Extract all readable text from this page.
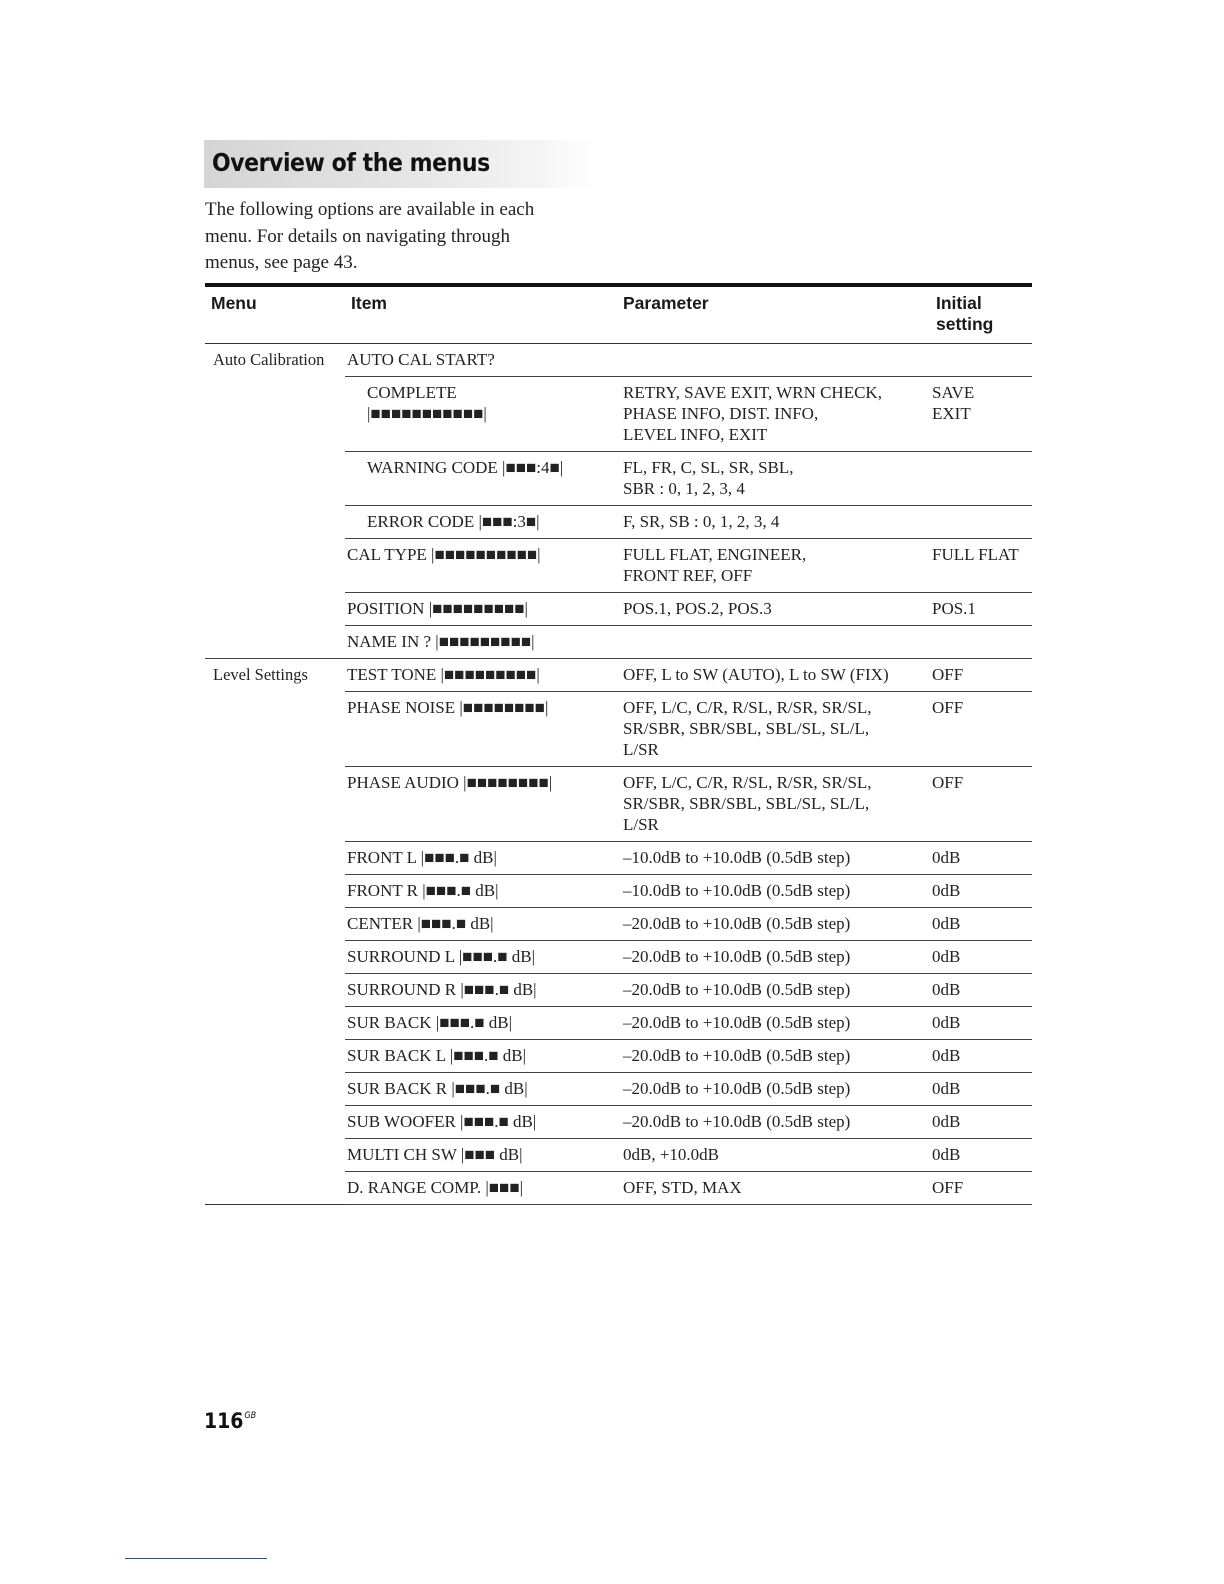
Overview of the menus

The following options are available in each
menu. For details on navigating through
menus, see page 43.

Menu	Item	Parameter	Initial
setting
Auto Calibration	AUTO CAL START?		
	COMPLETE
|■■■■■■■■■■■|	RETRY, SAVE EXIT, WRN CHECK,
PHASE INFO, DIST. INFO,
LEVEL INFO, EXIT	SAVE
EXIT
	WARNING CODE |■■■:4■|	FL, FR, C, SL, SR, SBL,
SBR : 0, 1, 2, 3, 4	
	ERROR CODE |■■■:3■|	F, SR, SB : 0, 1, 2, 3, 4	
	CAL TYPE |■■■■■■■■■■|	FULL FLAT, ENGINEER,
FRONT REF, OFF	FULL FLAT
	POSITION |■■■■■■■■■|	POS.1, POS.2, POS.3	POS.1
	NAME IN ? |■■■■■■■■■|		
Level Settings	TEST TONE |■■■■■■■■■|	OFF, L to SW (AUTO), L to SW (FIX)	OFF
	PHASE NOISE |■■■■■■■■|	OFF, L/C, C/R, R/SL, R/SR, SR/SL,
SR/SBR, SBR/SBL, SBL/SL, SL/L,
L/SR	OFF
	PHASE AUDIO |■■■■■■■■|	OFF, L/C, C/R, R/SL, R/SR, SR/SL,
SR/SBR, SBR/SBL, SBL/SL, SL/L,
L/SR	OFF
	FRONT L |■■■.■ dB|	–10.0dB to +10.0dB (0.5dB step)	0dB
	FRONT R |■■■.■ dB|	–10.0dB to +10.0dB (0.5dB step)	0dB
	CENTER |■■■.■ dB|	–20.0dB to +10.0dB (0.5dB step)	0dB
	SURROUND L |■■■.■ dB|	–20.0dB to +10.0dB (0.5dB step)	0dB
	SURROUND R |■■■.■ dB|	–20.0dB to +10.0dB (0.5dB step)	0dB
	SUR BACK |■■■.■ dB|	–20.0dB to +10.0dB (0.5dB step)	0dB
	SUR BACK L |■■■.■ dB|	–20.0dB to +10.0dB (0.5dB step)	0dB
	SUR BACK R |■■■.■ dB|	–20.0dB to +10.0dB (0.5dB step)	0dB
	SUB WOOFER |■■■.■ dB|	–20.0dB to +10.0dB (0.5dB step)	0dB
	MULTI CH SW |■■■ dB|	0dB, +10.0dB	0dB
	D. RANGE COMP. |■■■|	OFF, STD, MAX	OFF
$116^{GB}$
